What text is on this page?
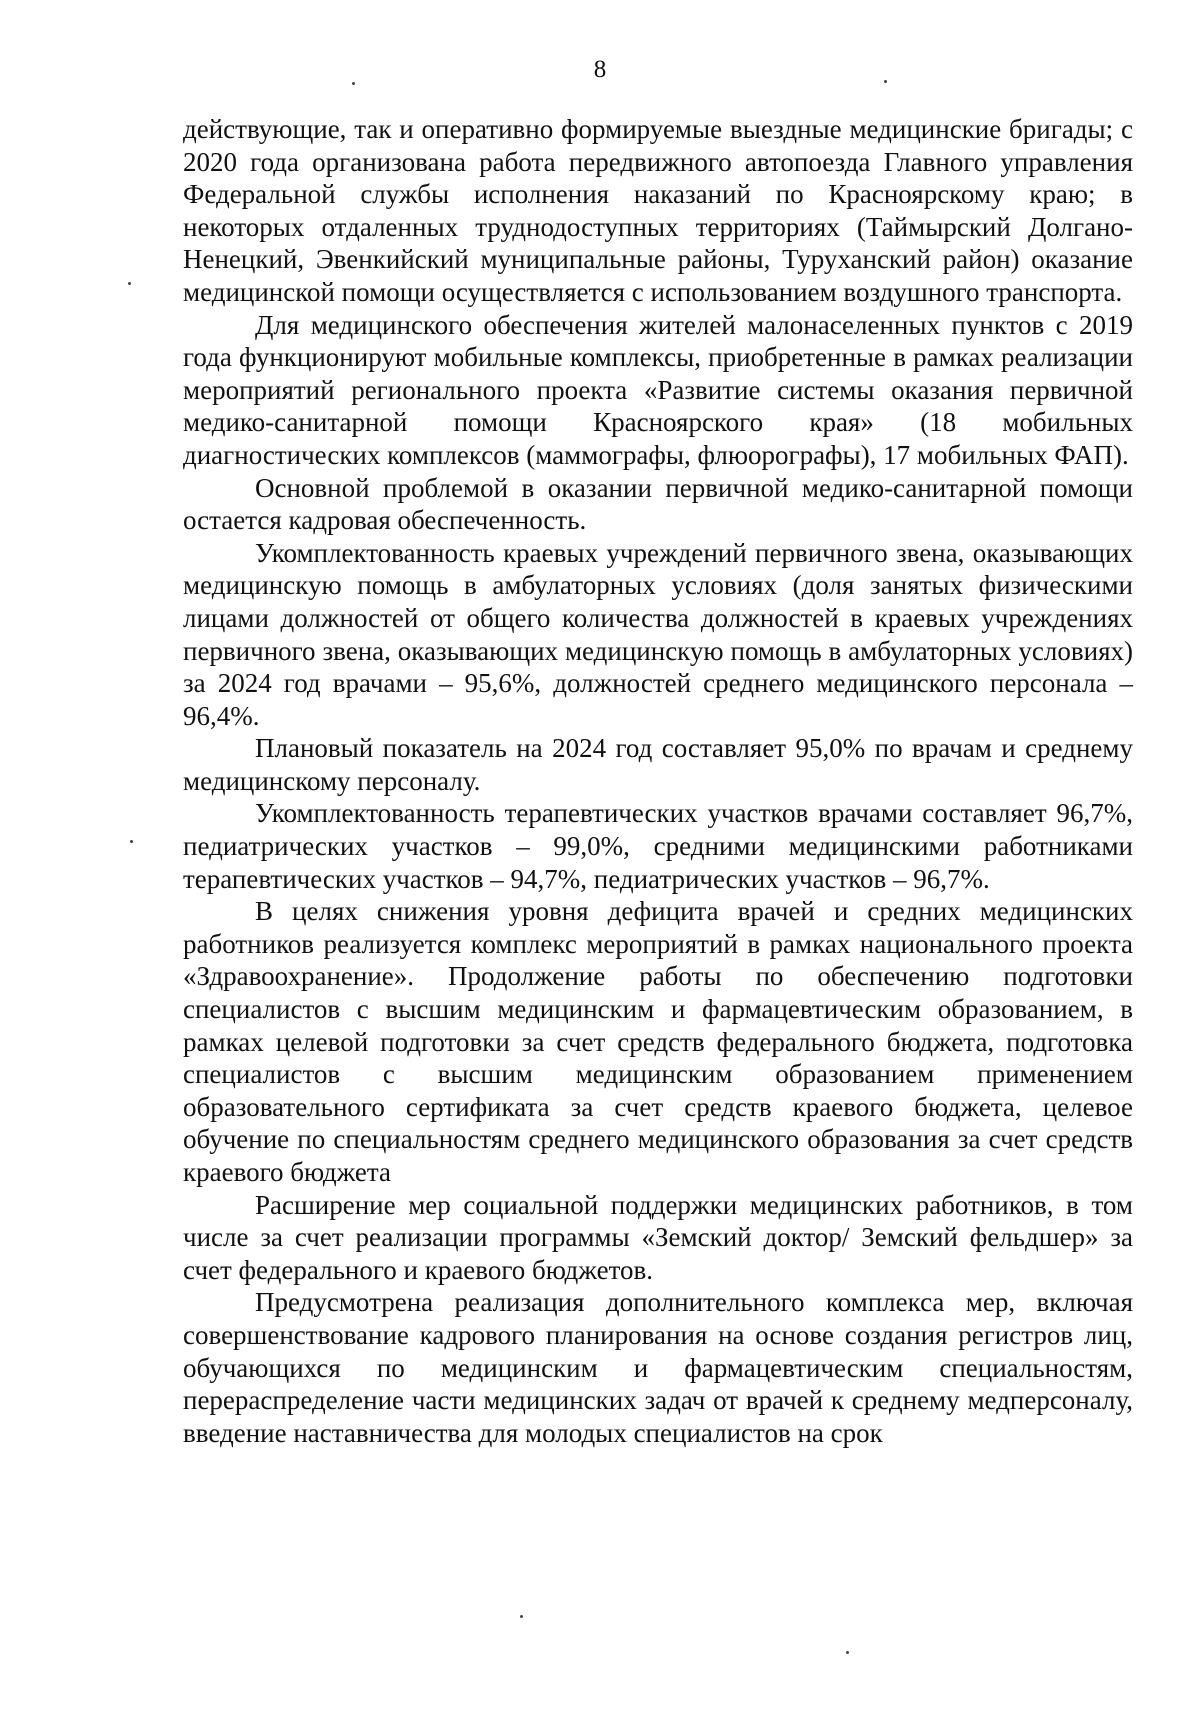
8

действующие, так и оперативно формируемые выездные медицинские бригады; с 2020 года организована работа передвижного автопоезда Главного управления Федеральной службы исполнения наказаний по Красноярскому краю; в некоторых отдаленных труднодоступных территориях (Таймырский Долгано-Ненецкий, Эвенкийский муниципальные районы, Туруханский район) оказание медицинской помощи осуществляется с использованием воздушного транспорта.

Для медицинского обеспечения жителей малонаселенных пунктов с 2019 года функционируют мобильные комплексы, приобретенные в рамках реализации мероприятий регионального проекта «Развитие системы оказания первичной медико-санитарной помощи Красноярского края» (18 мобильных диагностических комплексов (маммографы, флюорографы), 17 мобильных ФАП).

Основной проблемой в оказании первичной медико-санитарной помощи остается кадровая обеспеченность.

Укомплектованность краевых учреждений первичного звена, оказывающих медицинскую помощь в амбулаторных условиях (доля занятых физическими лицами должностей от общего количества должностей в краевых учреждениях первичного звена, оказывающих медицинскую помощь в амбулаторных условиях) за 2024 год врачами – 95,6%, должностей среднего медицинского персонала – 96,4%.

Плановый показатель на 2024 год составляет 95,0% по врачам и среднему медицинскому персоналу.

Укомплектованность терапевтических участков врачами составляет 96,7%, педиатрических участков – 99,0%, средними медицинскими работниками терапевтических участков – 94,7%, педиатрических участков – 96,7%.

В целях снижения уровня дефицита врачей и средних медицинских работников реализуется комплекс мероприятий в рамках национального проекта «Здравоохранение». Продолжение работы по обеспечению подготовки специалистов с высшим медицинским и фармацевтическим образованием, в рамках целевой подготовки за счет средств федерального бюджета, подготовка специалистов с высшим медицинским образованием применением образовательного сертификата за счет средств краевого бюджета, целевое обучение по специальностям среднего медицинского образования за счет средств краевого бюджета

Расширение мер социальной поддержки медицинских работников, в том числе за счет реализации программы «Земский доктор/ Земский фельдшер» за счет федерального и краевого бюджетов.

Предусмотрена реализация дополнительного комплекса мер, включая совершенствование кадрового планирования на основе создания регистров лиц, обучающихся по медицинским и фармацевтическим специальностям, перераспределение части медицинских задач от врачей к среднему медперсоналу, введение наставничества для молодых специалистов на срок
